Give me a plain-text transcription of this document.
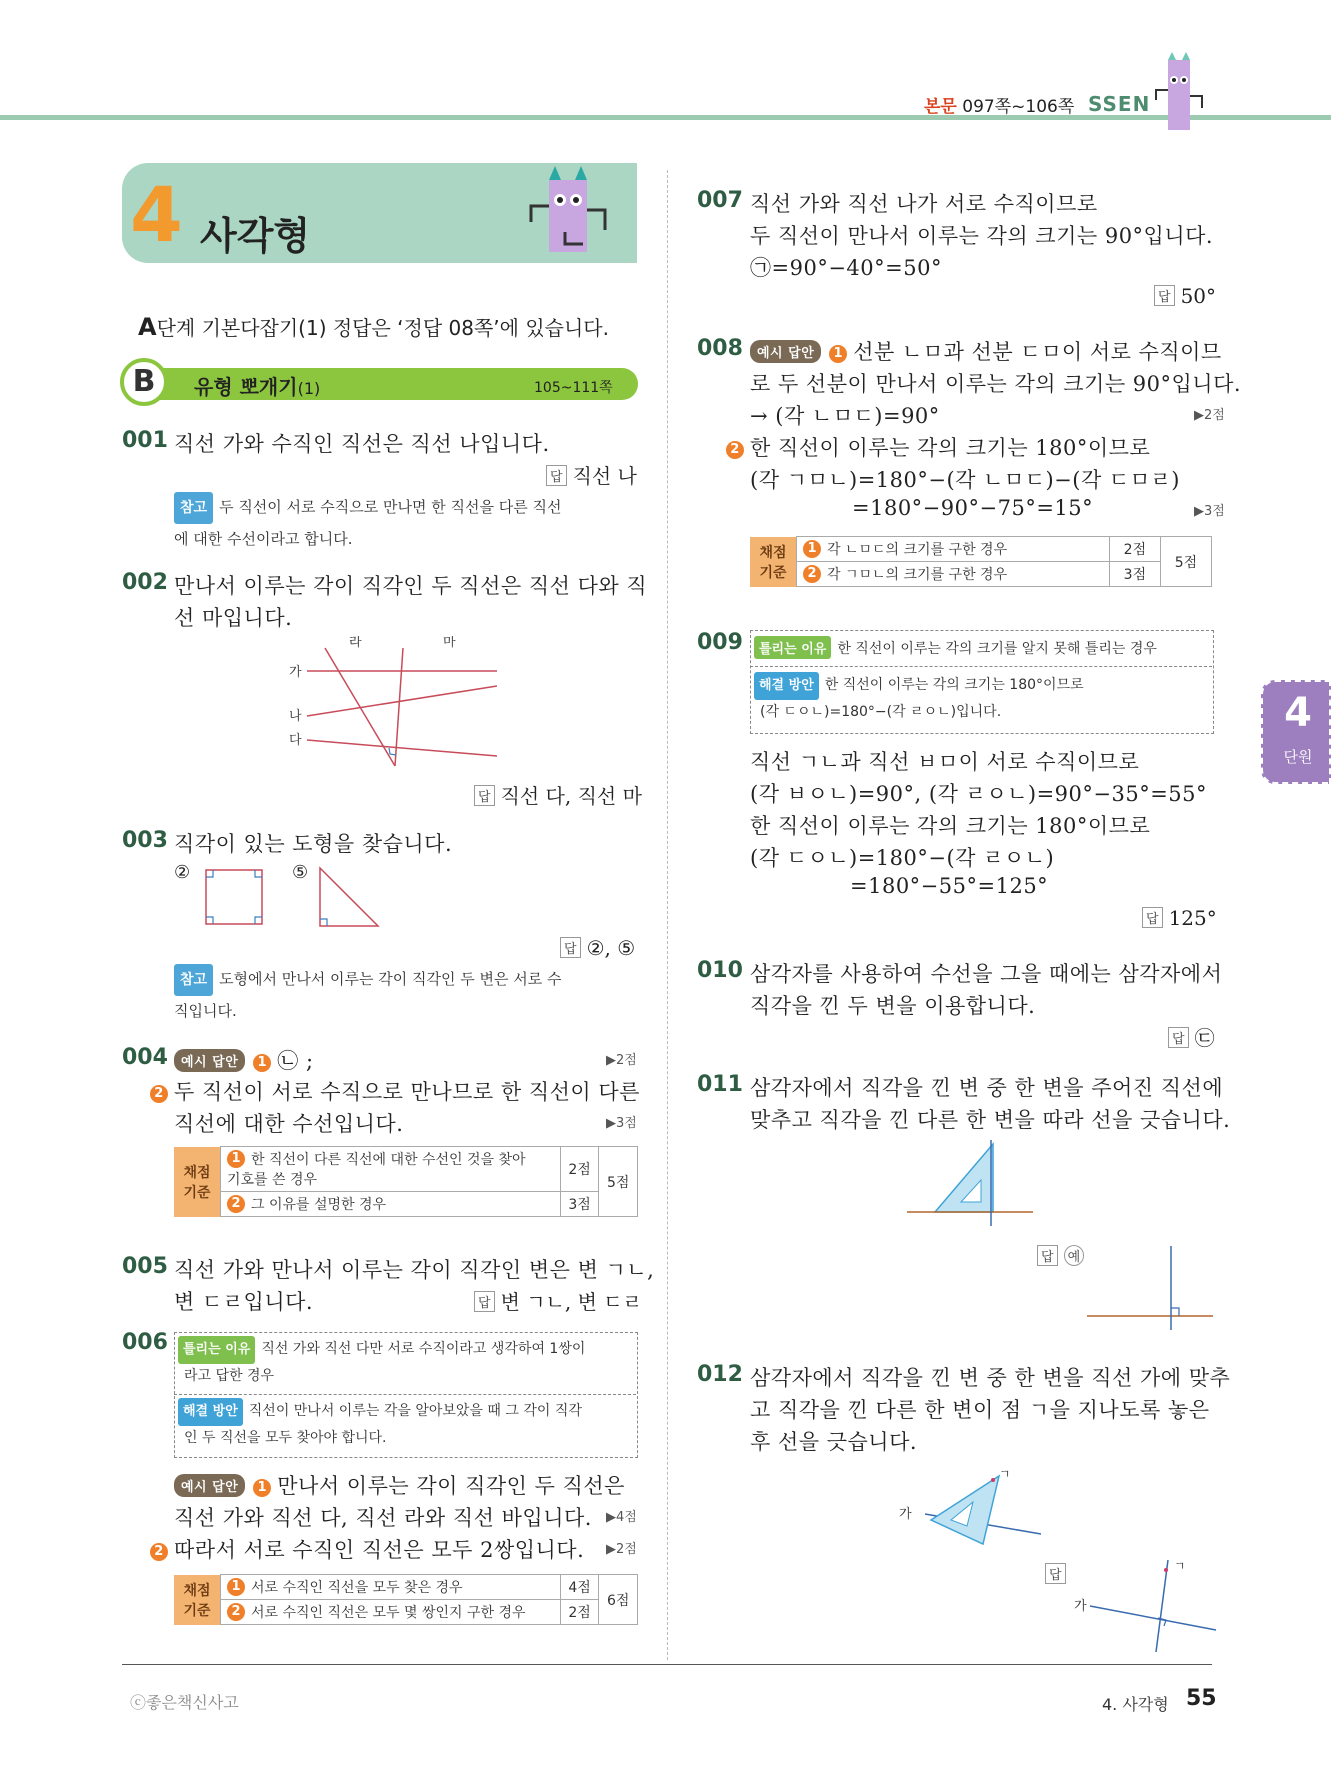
본문 097쪽~106쪽 SSEN
4 사각형
A단계 기본다잡기(1) 정답은 ‘정답 08쪽’에 있습니다.
B	유형 뽀개기(1)	105~111쪽
001 직선 가와 수직인 직선은 직선 나입니다.
답 직선 나
참고 두 직선이 서로 수직으로 만나면 한 직선을 다른 직선
에 대한 수선이라고 합니다.
002 만나서 이루는 각이 직각인 두 직선은 직선 다와 직
선 마입니다.
라	마
가
나
다
답 직선 다, 직선 마
003 직각이 있는 도형을 찾습니다.
②	⑤
답 ②, ⑤
참고 도형에서 만나서 이루는 각이 직각인 두 변은 서로 수
직입니다.
004	예시 답안 1 ㉡ ;	▶2점
2 두 직선이 서로 수직으로 만나므로 한 직선이 다른
직선에 대한 수선입니다.	▶3점
채점 기준	1 한 직선이 다른 직선에 대한 수선인 것을 찾아
기호를 쓴 경우	2점	5점
	2 그 이유를 설명한 경우	3점	
005 직선 가와 만나서 이루는 각이 직각인 변은 변 ㄱㄴ,
변 ㄷㄹ입니다.	답 변 ㄱㄴ, 변 ㄷㄹ
006	틀리는 이유 직선 가와 직선 다만 서로 수직이라고 생각하여 1쌍이
라고 답한 경우
해결 방안 직선이 만나서 이루는 각을 알아보았을 때 그 각이 직각
인 두 직선을 모두 찾아야 합니다.
예시 답안 1 만나서 이루는 각이 직각인 두 직선은
직선 가와 직선 다, 직선 라와 직선 바입니다. ▶4점
2 따라서 서로 수직인 직선은 모두 2쌍입니다. ▶2점
채점 기준	1 서로 수직인 직선을 모두 찾은 경우	4점	6점
	2 서로 수직인 직선은 모두 몇 쌍인지 구한 경우	2점	
007 직선 가와 직선 나가 서로 수직이므로
두 직선이 만나서 이루는 각의 크기는 90°입니다.
㉠=90°−40°=50°
답 50°
008	예시 답안 1 선분 ㄴㅁ과 선분 ㄷㅁ이 서로 수직이므
로 두 선분이 만나서 이루는 각의 크기는 90°입니다.
→ (각 ㄴㅁㄷ)=90°	▶2점
2 한 직선이 이루는 각의 크기는 180°이므로
(각 ㄱㅁㄴ)=180°−(각 ㄴㅁㄷ)−(각 ㄷㅁㄹ)
=180°−90°−75°=15°	▶3점
채점 기준	1 각 ㄴㅁㄷ의 크기를 구한 경우	2점	5점
	2 각 ㄱㅁㄴ의 크기를 구한 경우	3점	
009	틀리는 이유 한 직선이 이루는 각의 크기를 알지 못해 틀리는 경우
해결 방안 한 직선이 이루는 각의 크기는 180°이므로
(각 ㄷㅇㄴ)=180°−(각 ㄹㅇㄴ)입니다.
직선 ㄱㄴ과 직선 ㅂㅁ이 서로 수직이므로
(각 ㅂㅇㄴ)=90°, (각 ㄹㅇㄴ)=90°−35°=55°
한 직선이 이루는 각의 크기는 180°이므로
(각 ㄷㅇㄴ)=180°−(각 ㄹㅇㄴ)
=180°−55°=125°
답 125°
010 삼각자를 사용하여 수선을 그을 때에는 삼각자에서
직각을 낀 두 변을 이용합니다.
답 ㉢
011 삼각자에서 직각을 낀 변 중 한 변을 주어진 직선에
맞추고 직각을 낀 다른 한 변을 따라 선을 긋습니다.
답 예
012 삼각자에서 직각을 낀 변 중 한 변을 직선 가에 맞추
고 직각을 낀 다른 한 변이 점 ㄱ을 지나도록 놓은
후 선을 긋습니다.
가
ㄱ
답
가
ㄱ
4
단원
ⓒ좋은책신사고	4. 사각형 55
